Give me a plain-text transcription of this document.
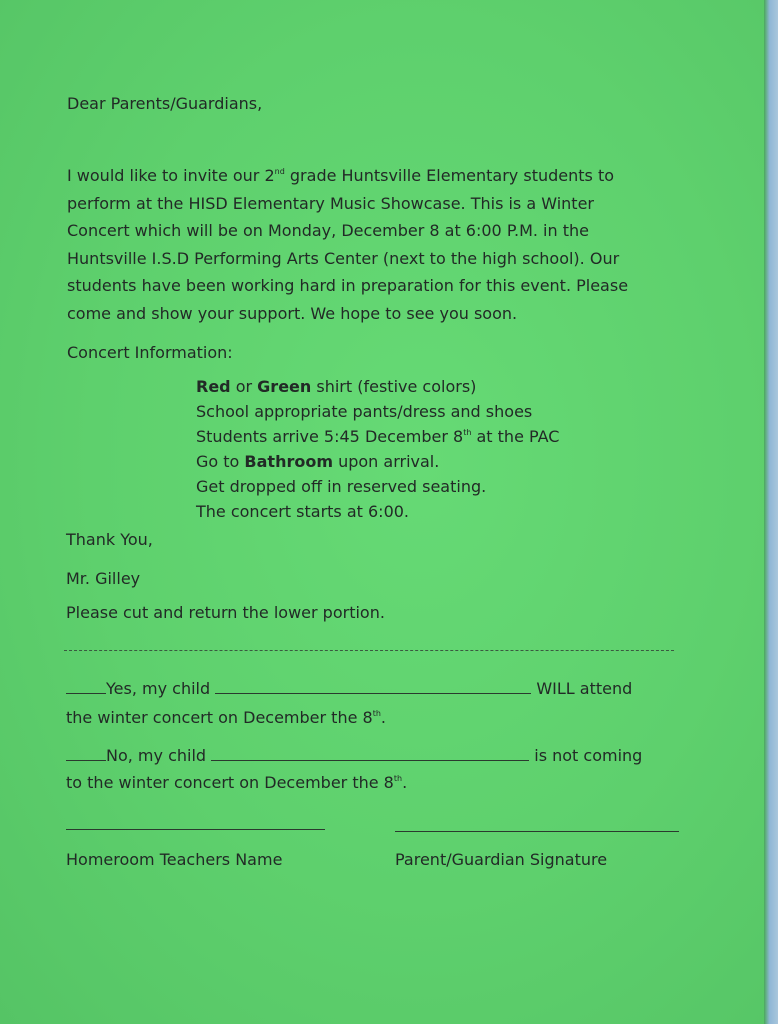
Dear Parents/Guardians,

I would like to invite our 2nd grade Huntsville Elementary students to
perform at the HISD Elementary Music Showcase. This is a Winter
Concert which will be on Monday, December 8 at 6:00 P.M. in the
Huntsville I.S.D Performing Arts Center (next to the high school). Our
students have been working hard in preparation for this event. Please
come and show your support. We hope to see you soon.

Concert Information:

Red or Green shirt (festive colors)
School appropriate pants/dress and shoes
Students arrive 5:45 December 8th at the PAC
Go to Bathroom upon arrival.
Get dropped off in reserved seating.
The concert starts at 6:00.

Thank You,

Mr. Gilley

Please cut and return the lower portion.

Yes, my child	WILL attend

the winter concert on December the 8th.

No, my child	is not coming

to the winter concert on December the 8th.

Homeroom Teachers Name	Parent/Guardian Signature
